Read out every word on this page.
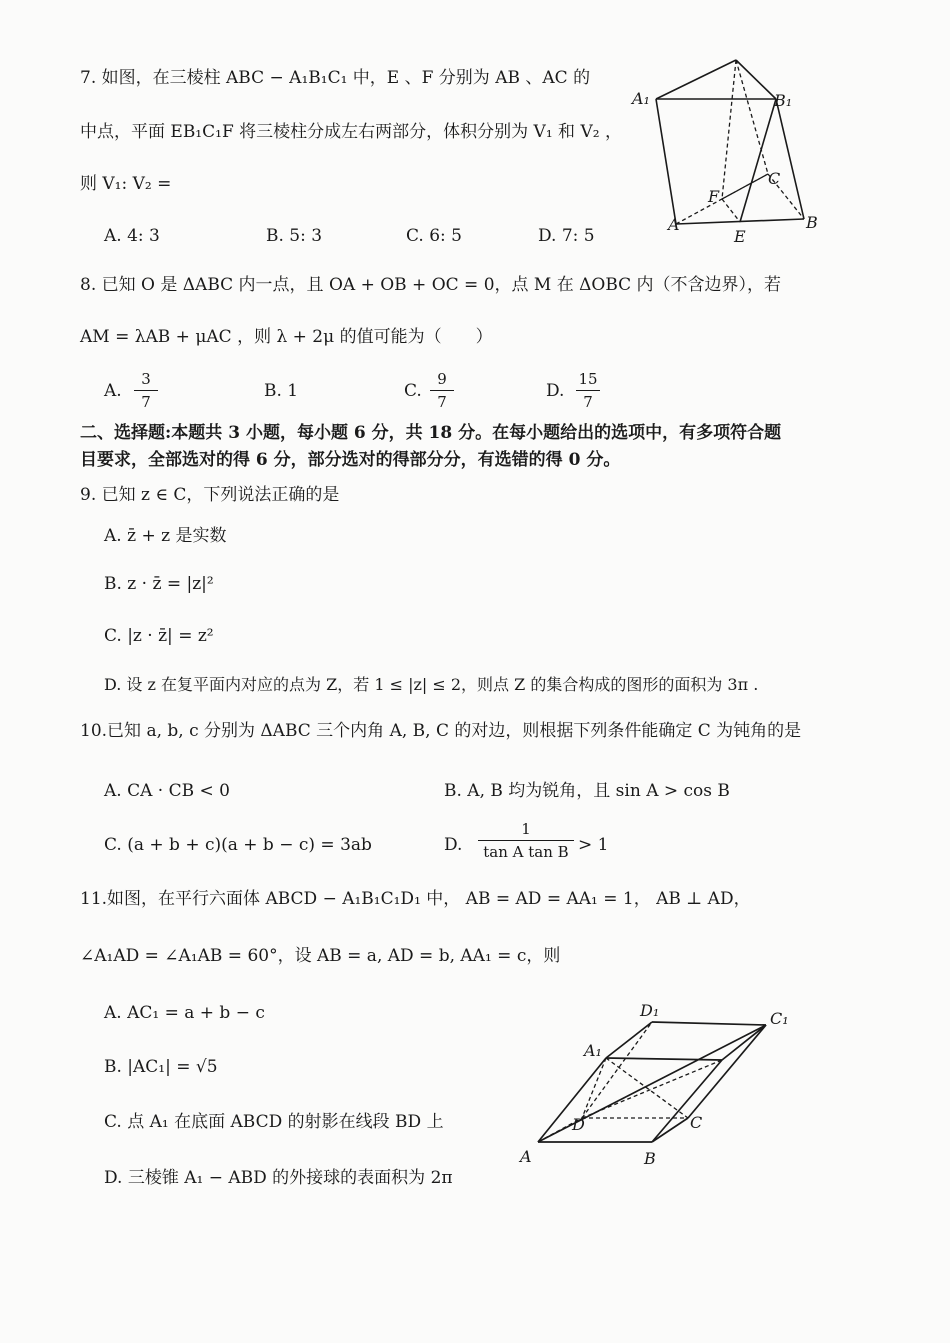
7. 如图，在三棱柱 ABC − A₁B₁C₁ 中，E 、F 分别为 AB 、AC 的
中点，平面 EB₁C₁F 将三棱柱分成左右两部分，体积分别为 V₁ 和 V₂ ，
则 V₁: V₂ =
A. 4: 3	B. 5: 3	C. 6: 5	D. 7: 5
A₁	B₁
C
F
A
E
B
8. 已知 O 是 ΔABC 内一点，且 OA + OB + OC = 0，点 M 在 ΔOBC 内（不含边界），若
AM = λAB + μAC ，则 λ + 2μ 的值可能为（　　）
A. $\frac{3}{7}$	B. 1	C. $\frac{9}{7}$	D. $\frac{15}{7}$
二、选择题:本题共 3 小题，每小题 6 分，共 18 分。在每小题给出的选项中，有多项符合题
目要求，全部选对的得 6 分，部分选对的得部分分，有选错的得 0 分。
9. 已知 z ∈ C，下列说法正确的是
A. z̄ + z 是实数
B. z · z̄ = |z|²
C. |z · z̄| = z²
D. 设 z 在复平面内对应的点为 Z，若 1 ≤ |z| ≤ 2，则点 Z 的集合构成的图形的面积为 3π .
10.已知 a, b, c 分别为 ΔABC 三个内角 A, B, C 的对边，则根据下列条件能确定 C 为钝角的是
A. CA · CB < 0	B. A, B 均为锐角，且 sin A > cos B
C. (a + b + c)(a + b − c) = 3ab	D. $\frac{1}{\text{tan A tan B}} > 1$
11.如图，在平行六面体 ABCD − A₁B₁C₁D₁ 中， AB = AD = AA₁ = 1， AB ⊥ AD，
∠A₁AD = ∠A₁AB = 60°，设 AB = a, AD = b, AA₁ = c，则
A. AC₁ = a + b − c
B. |AC₁| = √5
C. 点 A₁ 在底面 ABCD 的射影在线段 BD 上
D. 三棱锥 A₁ − ABD 的外接球的表面积为 2π
D₁	C₁
A₁
D	C
A	B
